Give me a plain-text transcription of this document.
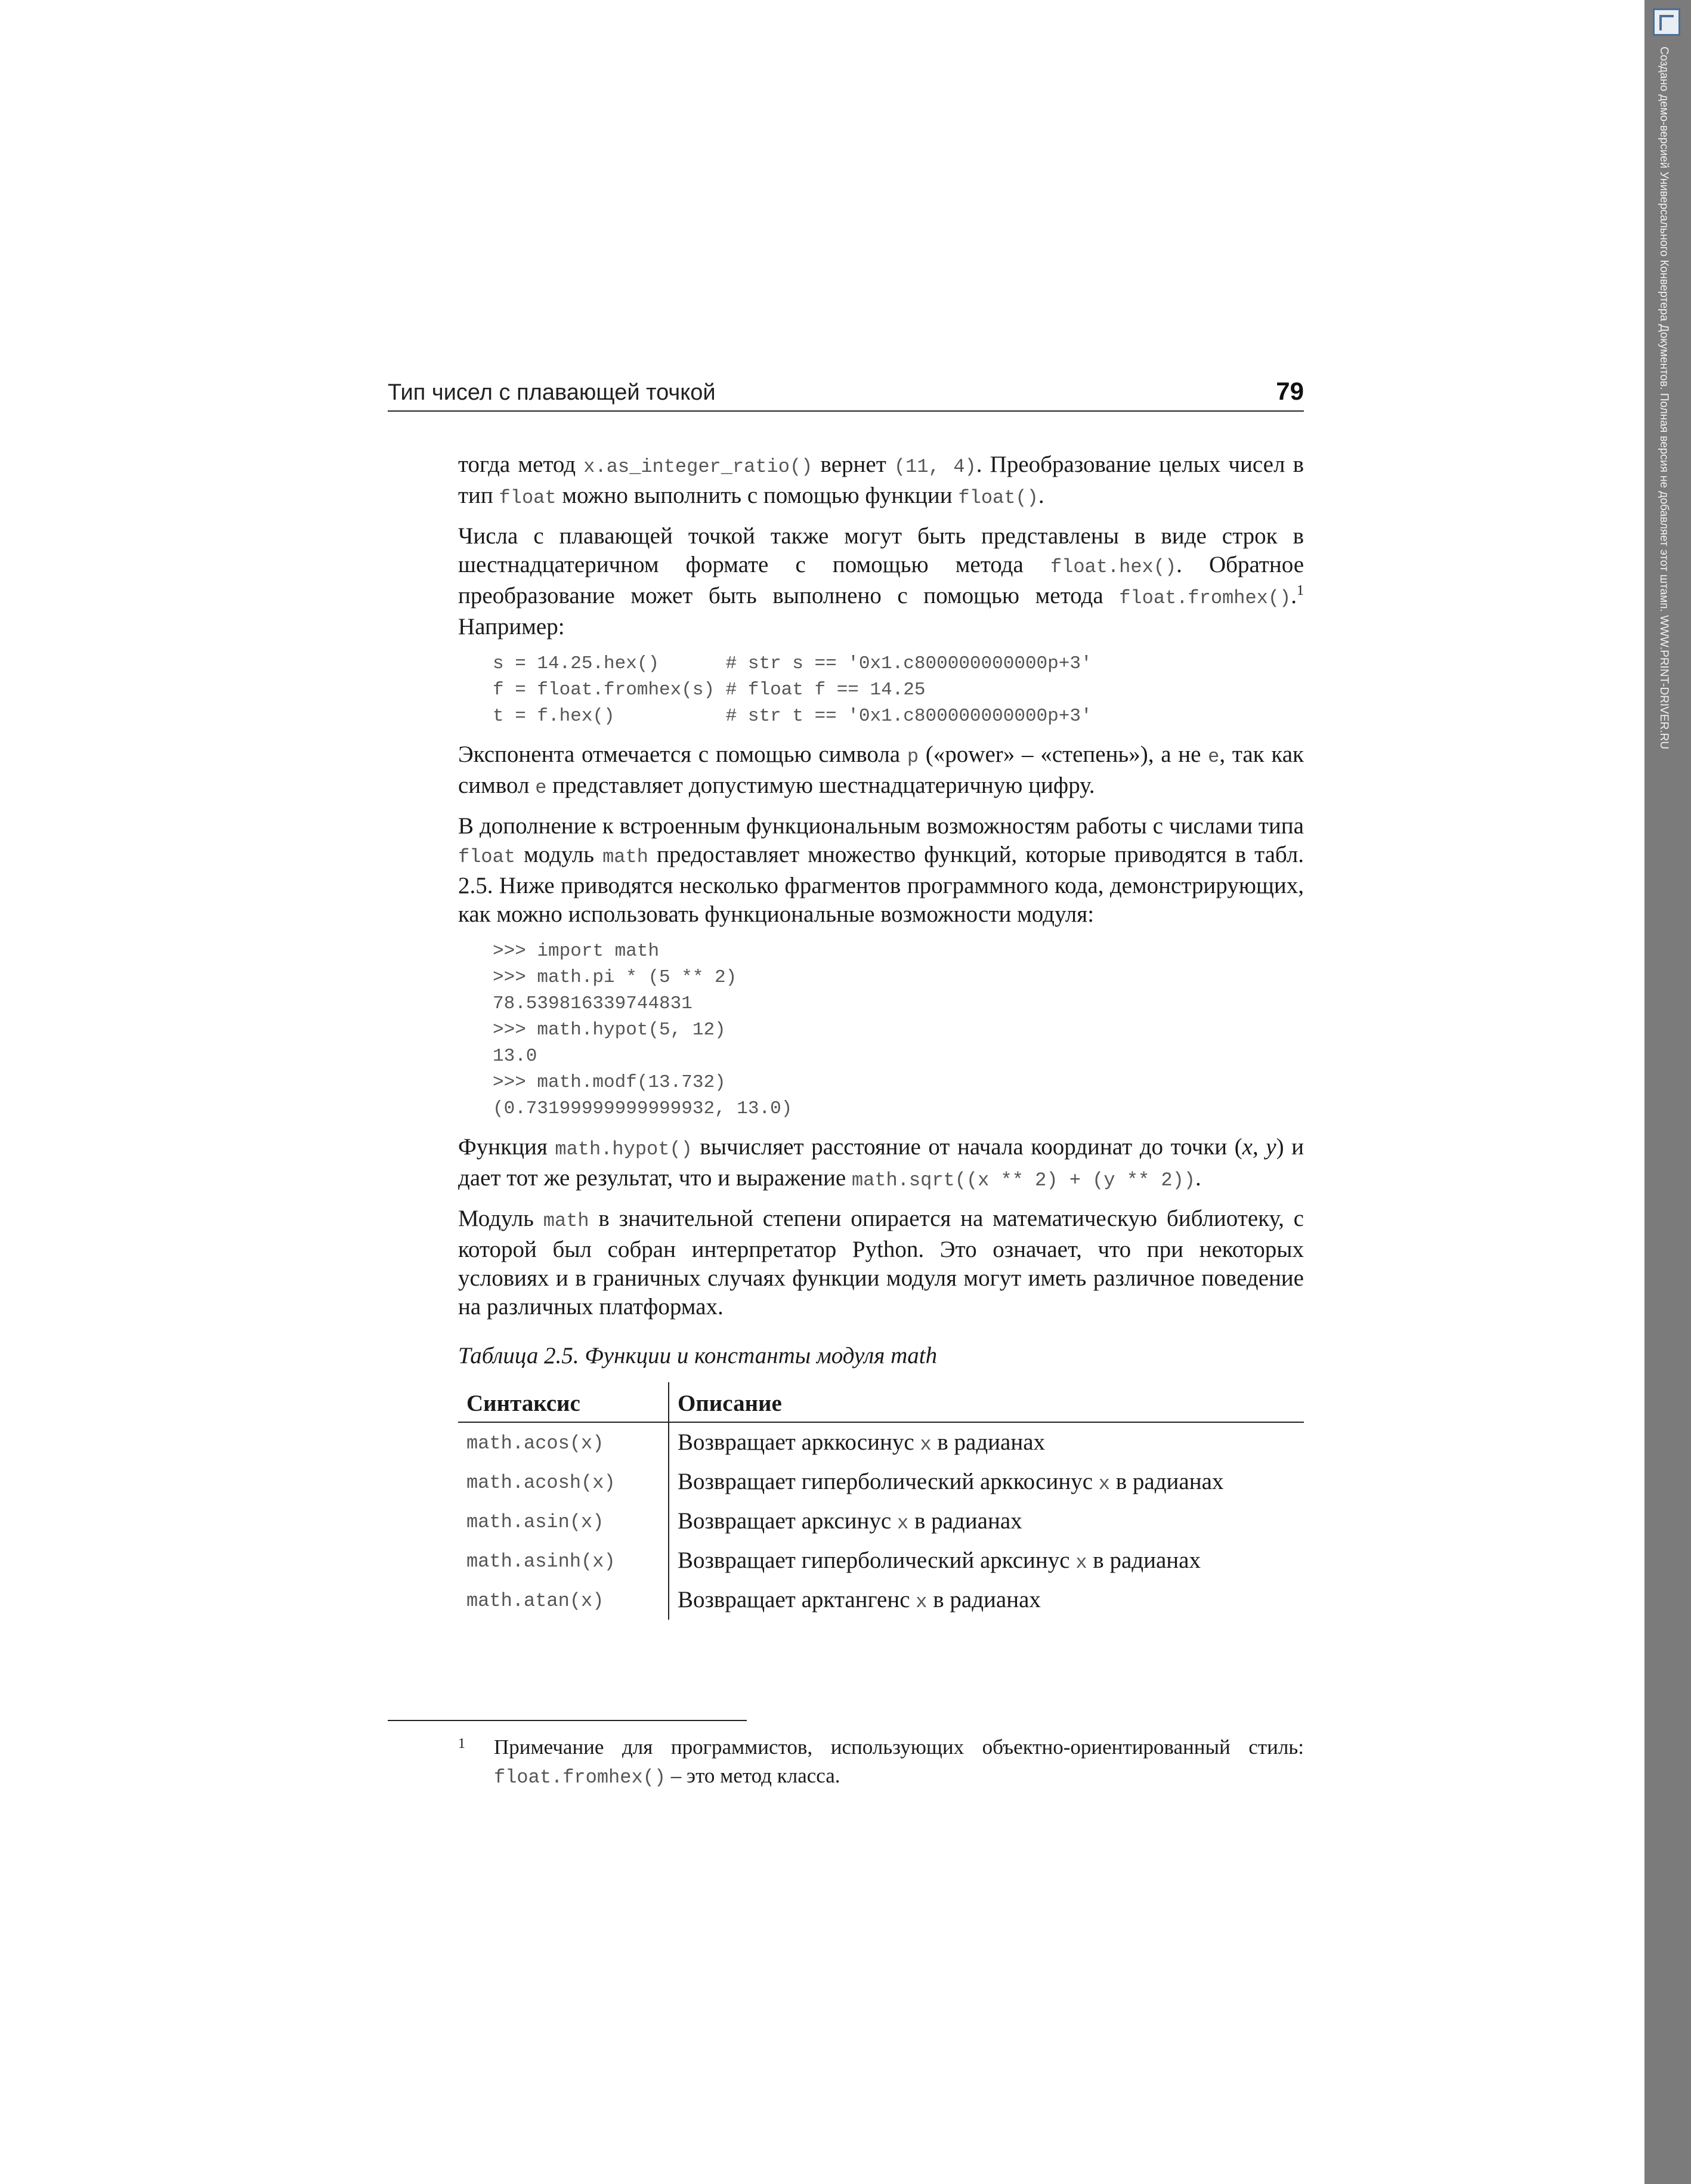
Создано демо-версией Универсального Конвертера Документов. Полная версия не добавляет этот штамп. WWW.PRINT-DRIVER.RU
Тип чисел с плавающей точкой	79

тогда метод x.as_integer_ratio() вернет (11, 4). Преобразование целых чисел в тип float можно выполнить с помощью функции float().

Числа с плавающей точкой также могут быть представлены в виде строк в шестнадцатеричном формате с помощью метода float.hex(). Обратное преобразование может быть выполнено с помощью метода float.fromhex().$^1$ Например:

s = 14.25.hex()      # str s == '0x1.c800000000000p+3'
f = float.fromhex(s) # float f == 14.25
t = f.hex()          # str t == '0x1.c800000000000p+3'

Экспонента отмечается с помощью символа p («power» – «степень»), а не e, так как символ e представляет допустимую шестнадцатеричную цифру.

В дополнение к встроенным функциональным возможностям работы с числами типа float модуль math предоставляет множество функций, которые приводятся в табл. 2.5. Ниже приводятся несколько фрагментов программного кода, демонстрирующих, как можно использовать функциональные возможности модуля:

>>> import math
>>> math.pi * (5 ** 2)
78.539816339744831
>>> math.hypot(5, 12)
13.0
>>> math.modf(13.732)
(0.73199999999999932, 13.0)

Функция math.hypot() вычисляет расстояние от начала координат до точки (x, y) и дает тот же результат, что и выражение math.sqrt((x ** 2) + (y ** 2)).

Модуль math в значительной степени опирается на математическую библиотеку, с которой был собран интерпретатор Python. Это означает, что при некоторых условиях и в граничных случаях функции модуля могут иметь различное поведение на различных платформах.

Таблица 2.5. Функции и константы модуля math
Синтаксис	Описание
math.acos(x)	Возвращает арккосинус x в радианах
math.acosh(x)	Возвращает гиперболический арккосинус x в радианах
math.asin(x)	Возвращает арксинус x в радианах
math.asinh(x)	Возвращает гиперболический арксинус x в радианах
math.atan(x)	Возвращает арктангенс x в радианах
1 Примечание для программистов, использующих объектно-ориентированный стиль: float.fromhex() – это метод класса.
